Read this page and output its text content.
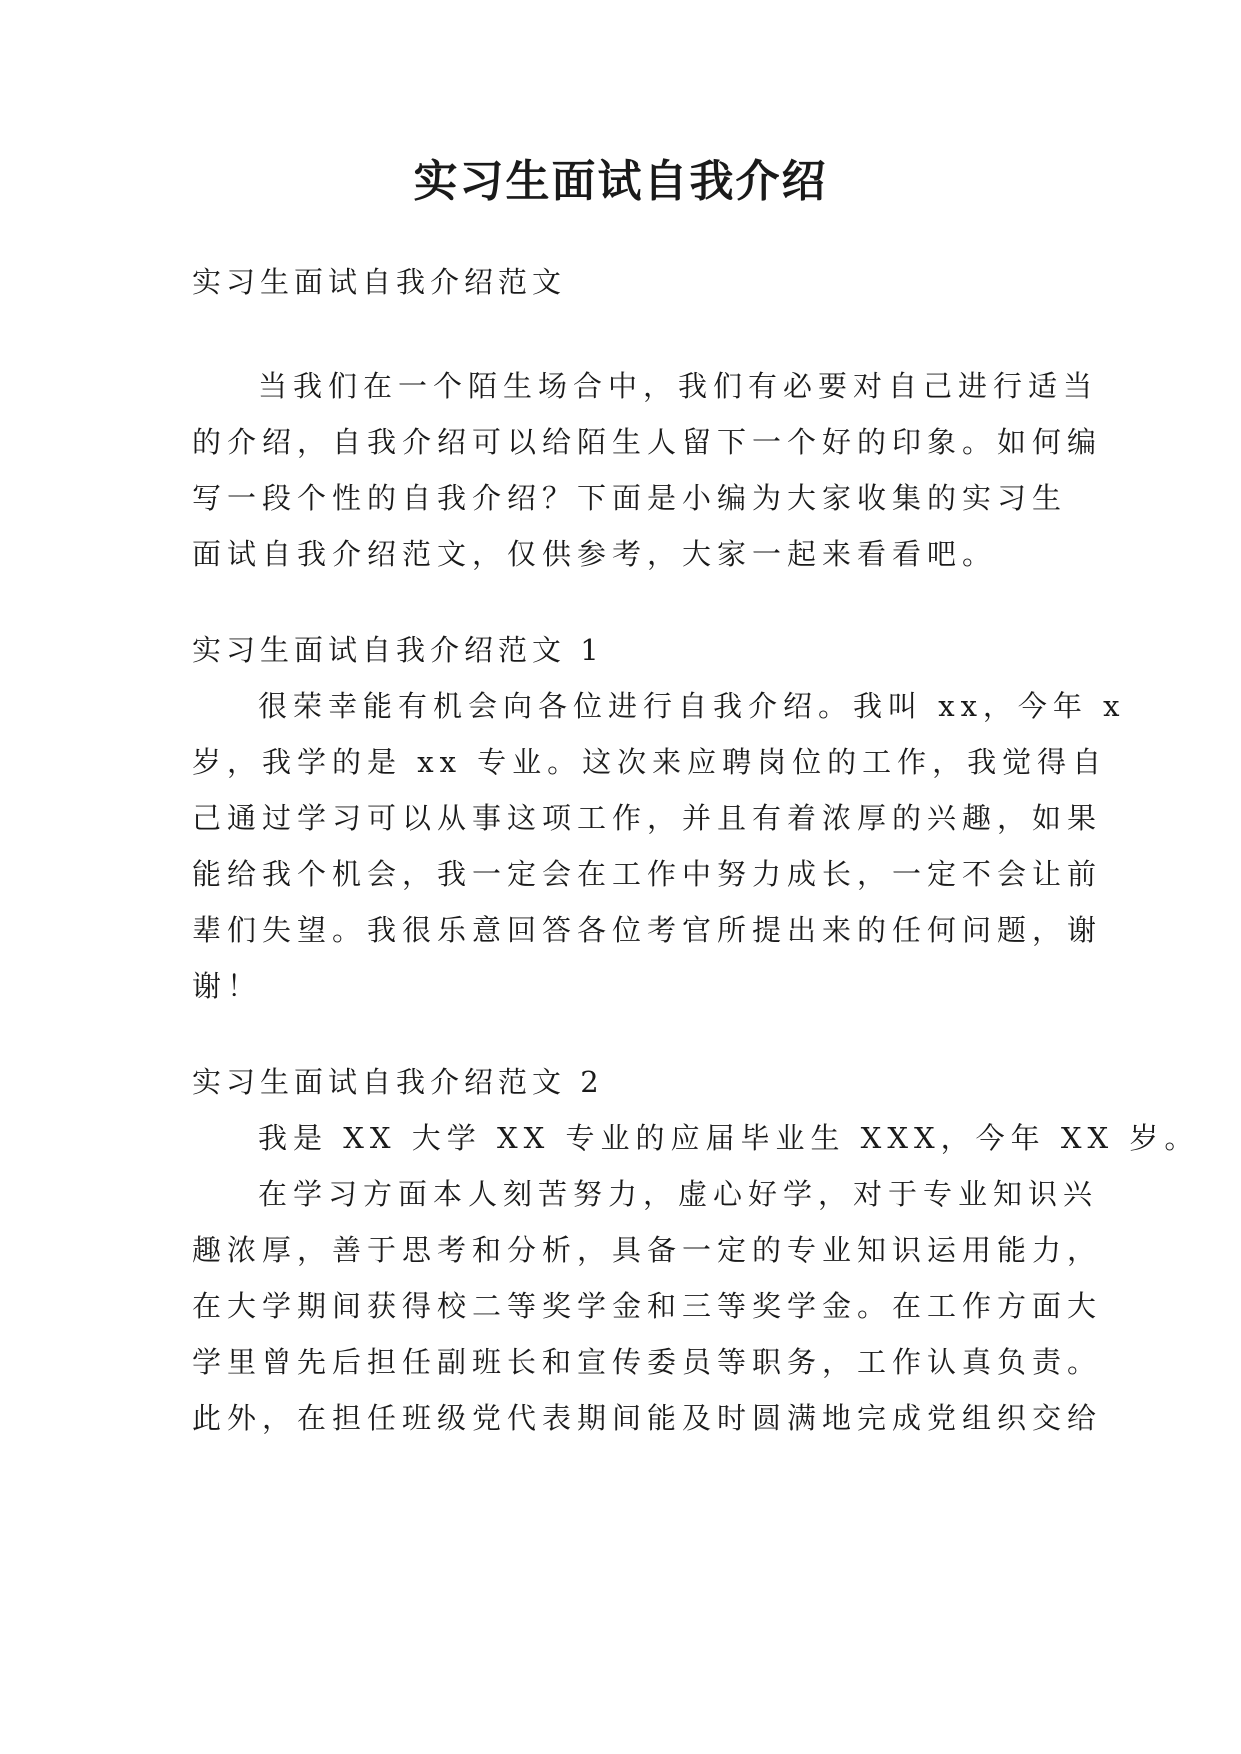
实习生面试自我介绍

实习生面试自我介绍范文

当我们在一个陌生场合中，我们有必要对自己进行适当

的介绍，自我介绍可以给陌生人留下一个好的印象。如何编

写一段个性的自我介绍？下面是小编为大家收集的实习生

面试自我介绍范文，仅供参考，大家一起来看看吧。

实习生面试自我介绍范文 1

很荣幸能有机会向各位进行自我介绍。我叫 xx，今年 x

岁，我学的是 xx 专业。这次来应聘岗位的工作，我觉得自

己通过学习可以从事这项工作，并且有着浓厚的兴趣，如果

能给我个机会，我一定会在工作中努力成长，一定不会让前

辈们失望。我很乐意回答各位考官所提出来的任何问题，谢

谢！

实习生面试自我介绍范文 2

我是 XX 大学 XX 专业的应届毕业生 XXX，今年 XX 岁。

在学习方面本人刻苦努力，虚心好学，对于专业知识兴

趣浓厚，善于思考和分析，具备一定的专业知识运用能力，

在大学期间获得校二等奖学金和三等奖学金。在工作方面大

学里曾先后担任副班长和宣传委员等职务，工作认真负责。

此外，在担任班级党代表期间能及时圆满地完成党组织交给
